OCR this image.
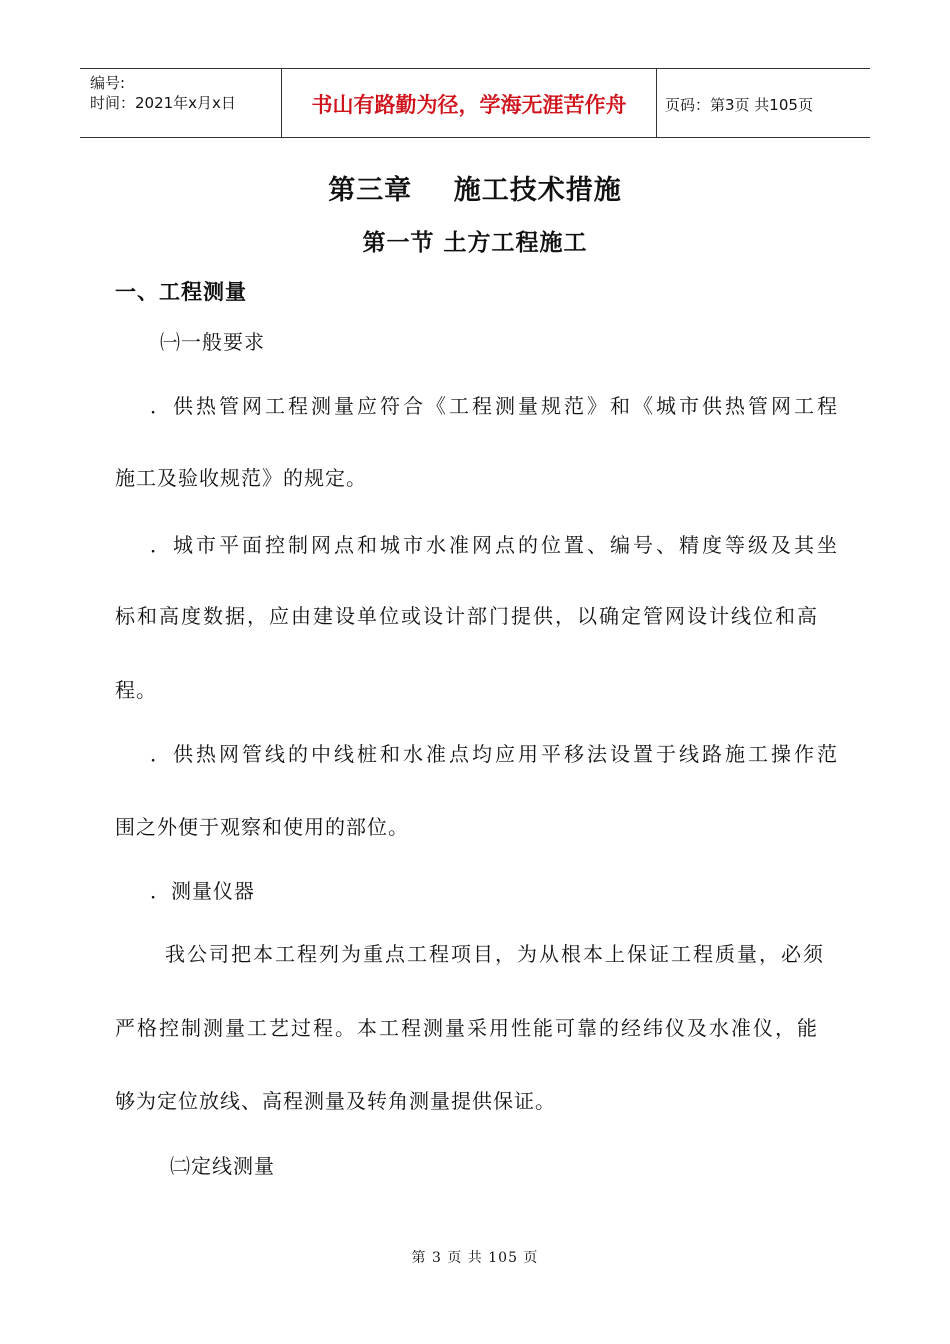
编号:
时间：2021年x月x日	书山有路勤为径，学海无涯苦作舟	页码：第3页 共105页
第三章    施工技术措施
第一节 土方工程施工
一、工程测量
㈠一般要求
．供热管网工程测量应符合《工程测量规范》和《城市供热管网工程
施工及验收规范》的规定。
．城市平面控制网点和城市水准网点的位置、编号、精度等级及其坐
标和高度数据，应由建设单位或设计部门提供，以确定管网设计线位和高
程。
．供热网管线的中线桩和水准点均应用平移法设置于线路施工操作范
围之外便于观察和使用的部位。
．测量仪器
我公司把本工程列为重点工程项目，为从根本上保证工程质量，必须
严格控制测量工艺过程。本工程测量采用性能可靠的经纬仪及水准仪，能
够为定位放线、高程测量及转角测量提供保证。
㈡定线测量
第 3 页 共 105 页
